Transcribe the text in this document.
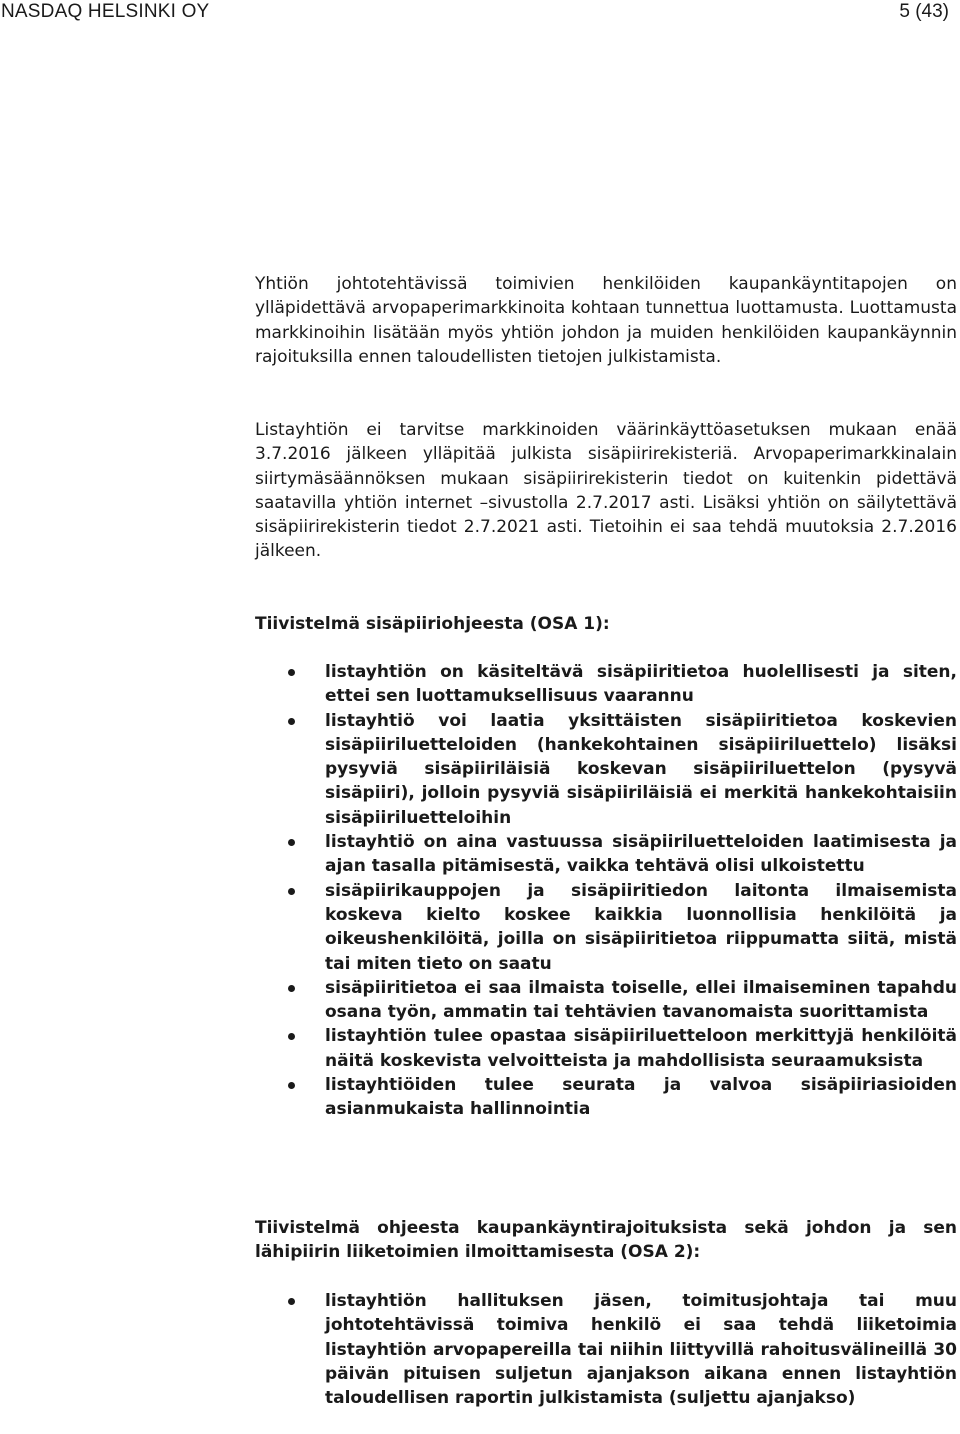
NASDAQ HELSINKI OY	5 (43)

Yhtiön johtotehtävissä toimivien henkilöiden kaupankäyntitapojen on ylläpidettävä arvopaperimarkkinoita kohtaan tunnettua luottamusta. Luottamusta markkinoihin lisätään myös yhtiön johdon ja muiden henkilöiden kaupankäynnin rajoituksilla ennen taloudellisten tietojen julkistamista.

Listayhtiön ei tarvitse markkinoiden väärinkäyttöasetuksen mukaan enää 3.7.2016 jälkeen ylläpitää julkista sisäpiirirekisteriä. Arvopaperimarkkinalain siirtymäsäännöksen mukaan sisäpiirirekisterin tiedot on kuitenkin pidettävä saatavilla yhtiön internet –sivustolla 2.7.2017 asti. Lisäksi yhtiön on säilytettävä sisäpiirirekisterin tiedot 2.7.2021 asti. Tietoihin ei saa tehdä muutoksia 2.7.2016 jälkeen.

Tiivistelmä sisäpiiriohjeesta (OSA 1):

listayhtiön on käsiteltävä sisäpiiritietoa huolellisesti ja siten, ettei sen luottamuksellisuus vaarannu
listayhtiö voi laatia yksittäisten sisäpiiritietoa koskevien sisäpiiriluetteloiden (hankekohtainen sisäpiiriluettelo) lisäksi pysyviä sisäpiiriläisiä koskevan sisäpiiriluettelon (pysyvä sisäpiiri), jolloin pysyviä sisäpiiriläisiä ei merkitä hankekohtaisiin sisäpiiriluetteloihin
listayhtiö on aina vastuussa sisäpiiriluetteloiden laatimisesta ja ajan tasalla pitämisestä, vaikka tehtävä olisi ulkoistettu
sisäpiirikauppojen ja sisäpiiritiedon laitonta ilmaisemista koskeva kielto koskee kaikkia luonnollisia henkilöitä ja oikeushenkilöitä, joilla on sisäpiiritietoa riippumatta siitä, mistä tai miten tieto on saatu
sisäpiiritietoa ei saa ilmaista toiselle, ellei ilmaiseminen tapahdu osana työn, ammatin tai tehtävien tavanomaista suorittamista
listayhtiön tulee opastaa sisäpiiriluetteloon merkittyjä henkilöitä näitä koskevista velvoitteista ja mahdollisista seuraamuksista
listayhtiöiden tulee seurata ja valvoa sisäpiiriasioiden asianmukaista hallinnointia

Tiivistelmä ohjeesta kaupankäyntirajoituksista sekä johdon ja sen lähipiirin liiketoimien ilmoittamisesta (OSA 2):

listayhtiön hallituksen jäsen, toimitusjohtaja tai muu johtotehtävissä toimiva henkilö ei saa tehdä liiketoimia listayhtiön arvopapereilla tai niihin liittyvillä rahoitusvälineillä 30 päivän pituisen suljetun ajanjakson aikana ennen listayhtiön taloudellisen raportin julkistamista (suljettu ajanjakso)
